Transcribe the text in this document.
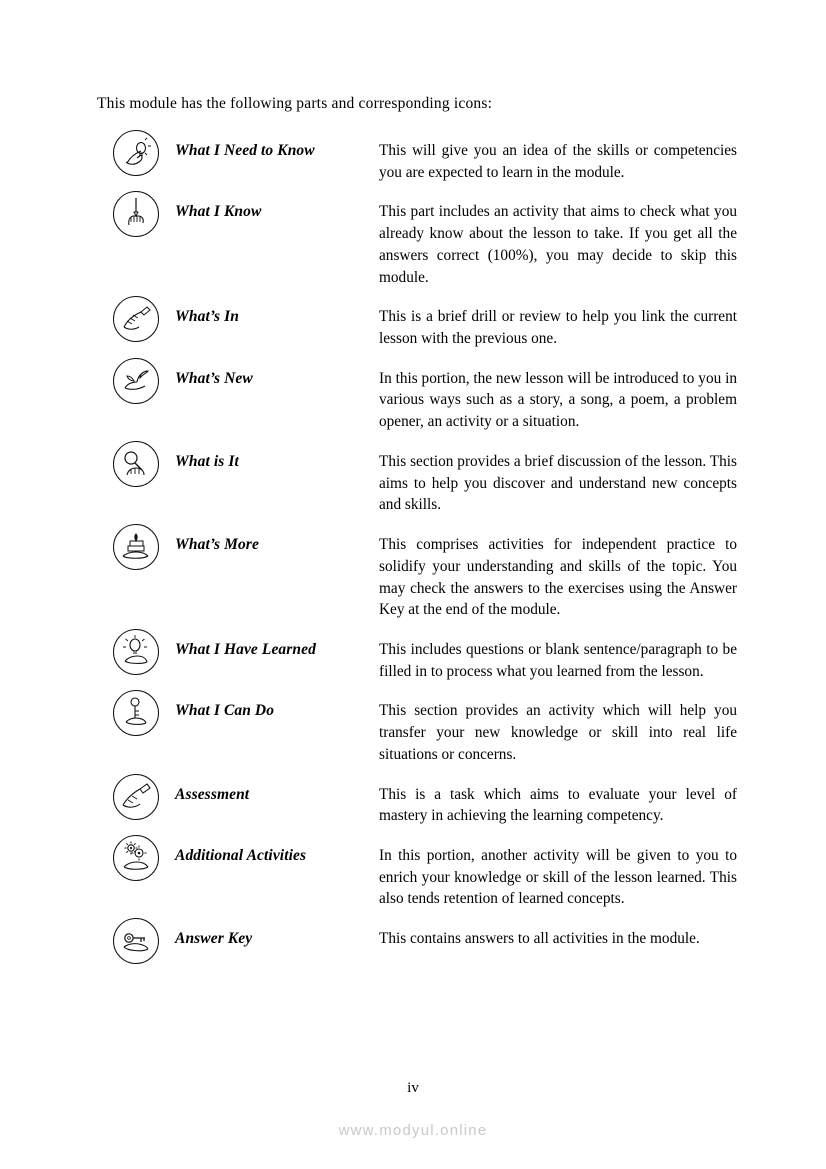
This module has the following parts and corresponding icons:
What I Need to Know	This will give you an idea of the skills or competencies you are expected to learn in the module.
What I Know	This part includes an activity that aims to check what you already know about the lesson to take. If you get all the answers correct (100%), you may decide to skip this module.
What’s In	This is a brief drill or review to help you link the current lesson with the previous one.
What’s New	In this portion, the new lesson will be introduced to you in various ways such as a story, a song, a poem, a problem opener, an activity or a situation.
What is It	This section provides a brief discussion of the lesson. This aims to help you discover and understand new concepts and skills.
What’s More	This comprises activities for independent practice to solidify your understanding and skills of the topic. You may check the answers to the exercises using the Answer Key at the end of the module.
What I Have Learned	This includes questions or blank sentence/paragraph to be filled in to process what you learned from the lesson.
What I Can Do	This section provides an activity which will help you transfer your new knowledge or skill into real life situations or concerns.
Assessment	This is a task which aims to evaluate your level of mastery in achieving the learning competency.
Additional Activities	In this portion, another activity will be given to you to enrich your knowledge or skill of the lesson learned. This also tends retention of learned concepts.
Answer Key	This contains answers to all activities in the module.
iv
www.modyul.online
